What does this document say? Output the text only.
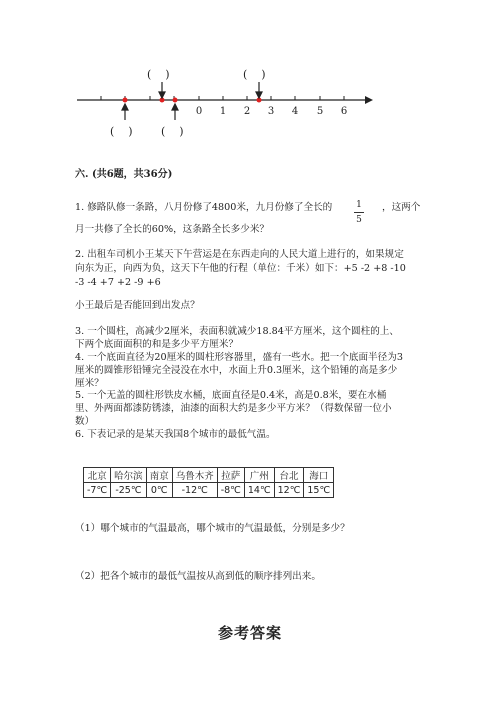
0 1 2 3 4 5 6
(    )	(    )
(    )	(    )
六. (共6题，共36分)
1. 修路队修一条路，八月份修了4800米，九月份修了全长的	1
5
，这两个
月一共修了全长的60%，这条路全长多少米？
2. 出租车司机小王某天下午营运是在东西走向的人民大道上进行的，如果规定
向东为正，向西为负，这天下午他的行程（单位：千米）如下：+5 -2 +8 -10
-3 -4 +7 +2 -9 +6
小王最后是否能回到出发点？
3. 一个圆柱，高减少2厘米，表面积就减少18.84平方厘米，这个圆柱的上、
下两个底面面积的和是多少平方厘米？
4. 一个底面直径为20厘米的圆柱形容器里，盛有一些水。把一个底面半径为3
厘米的圆锥形铅锤完全浸没在水中，水面上升0.3厘米，这个铅锤的高是多少
厘米？
5. 一个无盖的圆柱形铁皮水桶，底面直径是0.4米，高是0.8米，要在水桶
里、外两面都漆防锈漆，油漆的面积大约是多少平方米？（得数保留一位小
数）
6. 下表记录的是某天我国8个城市的最低气温。
北京	哈尔滨	南京	乌鲁木齐	拉萨	广州	台北	海口
-7℃	-25℃	0℃	-12℃	-8℃	14℃	12℃	15℃
（1）哪个城市的气温最高，哪个城市的气温最低，分别是多少？
（2）把各个城市的最低气温按从高到低的顺序排列出来。
参考答案
